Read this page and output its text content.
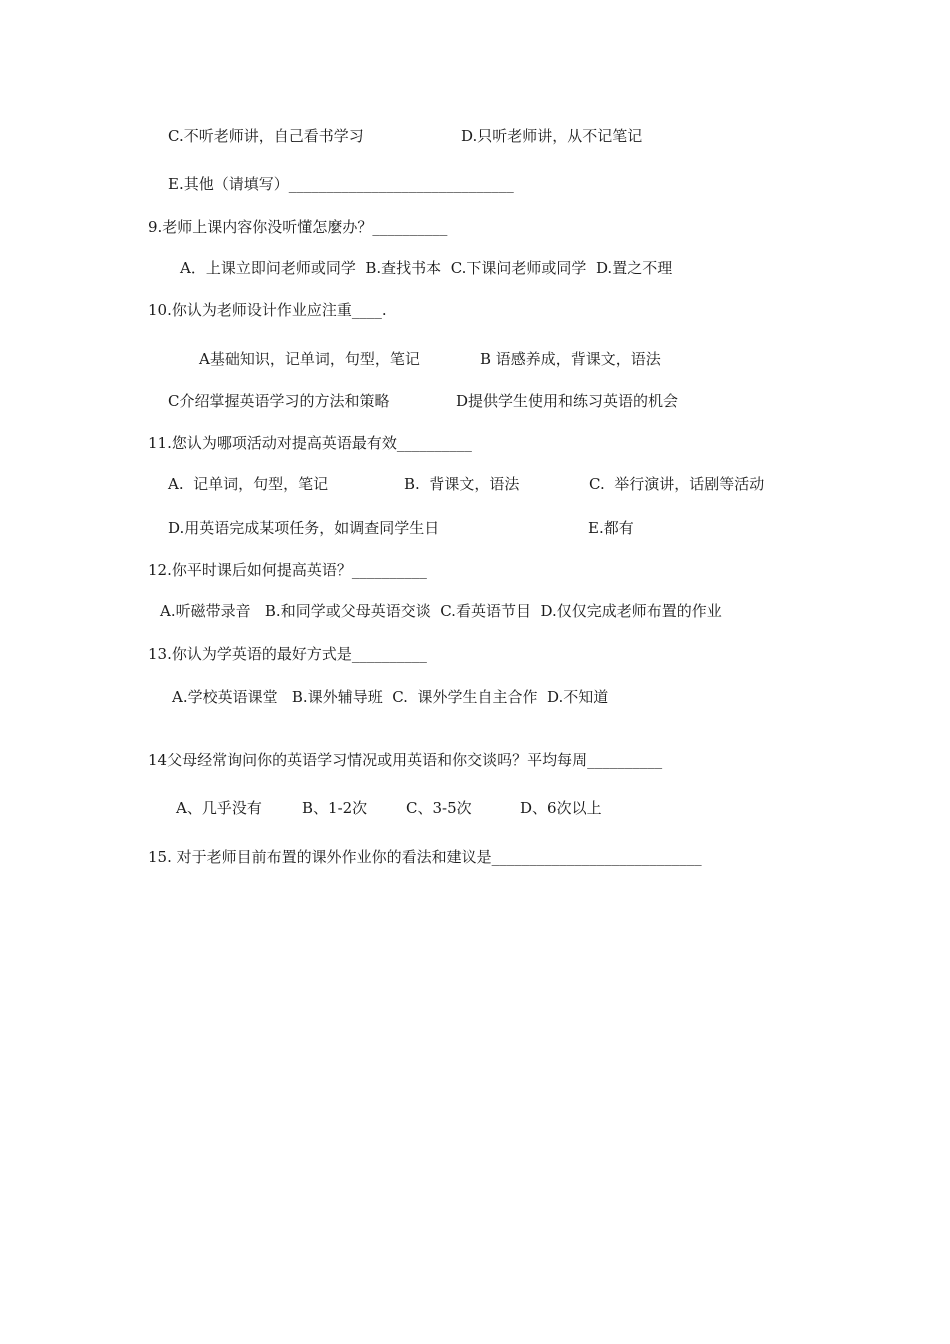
C.不听老师讲，自己看书学习	D.只听老师讲，从不记笔记
E.其他（请填写）______________________________
9.老师上课内容你没听懂怎麼办？__________
A．上课立即问老师或同学  B.查找书本  C.下课问老师或同学  D.置之不理
10.你认为老师设计作业应注重____.
A基础知识，记单词，句型，笔记	B 语感养成，背课文，语法
C介绍掌握英语学习的方法和策略	D提供学生使用和练习英语的机会
11.您认为哪项活动对提高英语最有效__________
A.  记单词，句型，笔记	B.  背课文，语法	C.  举行演讲，话剧等活动
D.用英语完成某项任务，如调查同学生日	E.都有
12.你平时课后如何提高英语？__________
A.听磁带录音   B.和同学或父母英语交谈  C.看英语节目  D.仅仅完成老师布置的作业
13.你认为学英语的最好方式是__________
A.学校英语课堂   B.课外辅导班  C.  课外学生自主合作  D.不知道
14父母经常询问你的英语学习情况或用英语和你交谈吗？平均每周__________
A、几乎没有	B、1-2次	C、3-5次	D、6次以上
15. 对于老师目前布置的课外作业你的看法和建议是____________________________
